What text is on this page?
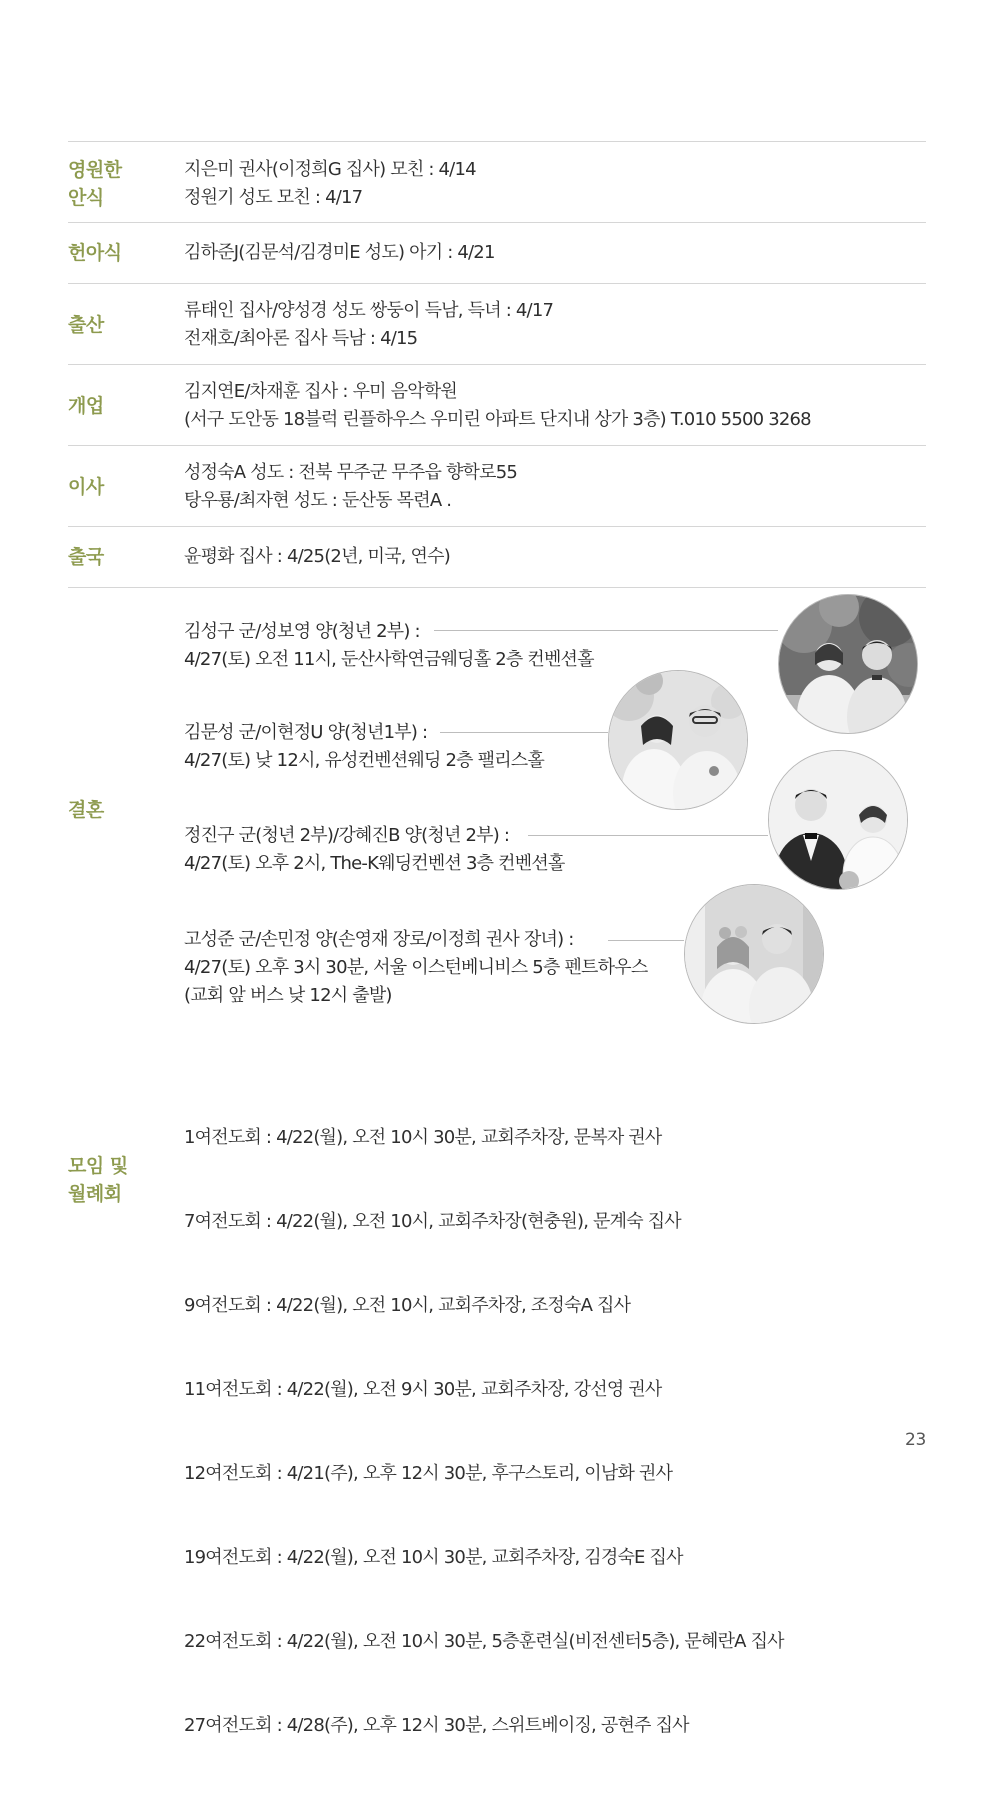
영원한
안식
지은미 권사(이정희G 집사) 모친 : 4/14
정원기 성도 모친 : 4/17
헌아식	김하준J(김문석/김경미E 성도) 아기 : 4/21
출산
류태인 집사/양성경 성도 쌍둥이 득남, 득녀 : 4/17
전재호/최아론 집사 득남 : 4/15
개업
김지연E/차재훈 집사 : 우미 음악학원
(서구 도안동 18블럭 린플하우스 우미린 아파트 단지내 상가 3층) T.010 5500 3268
이사
성정숙A 성도 : 전북 무주군 무주읍 향학로55
탕우룡/최자현 성도 : 둔산동 목련A .
출국	윤평화 집사 : 4/25(2년, 미국, 연수)
결혼
김성구 군/성보영 양(청년 2부) :
4/27(토) 오전 11시, 둔산사학연금웨딩홀 2층 컨벤션홀
김문성 군/이현정U 양(청년1부) :
4/27(토) 낮 12시, 유성컨벤션웨딩 2층 팰리스홀
정진구 군(청년 2부)/강혜진B 양(청년 2부) :
4/27(토) 오후 2시, The-K웨딩컨벤션 3층 컨벤션홀
고성준 군/손민정 양(손영재 장로/이정희 권사 장녀) :
4/27(토) 오후 3시 30분, 서울 이스턴베니비스 5층 펜트하우스
(교회 앞 버스 낮 12시 출발)
모임 및
월례회

1여전도회 : 4/22(월), 오전 10시 30분, 교회주차장, 문복자 권사

7여전도회 : 4/22(월), 오전 10시, 교회주차장(현충원), 문계숙 집사

9여전도회 : 4/22(월), 오전 10시, 교회주차장, 조정숙A 집사

11여전도회 : 4/22(월), 오전 9시 30분, 교회주차장, 강선영 권사

12여전도회 : 4/21(주), 오후 12시 30분, 후구스토리, 이남화 권사

19여전도회 : 4/22(월), 오전 10시 30분, 교회주차장, 김경숙E 집사

22여전도회 : 4/22(월), 오전 10시 30분, 5층훈련실(비전센터5층), 문혜란A 집사

27여전도회 : 4/28(주), 오후 12시 30분, 스위트베이징, 공현주 집사

23
